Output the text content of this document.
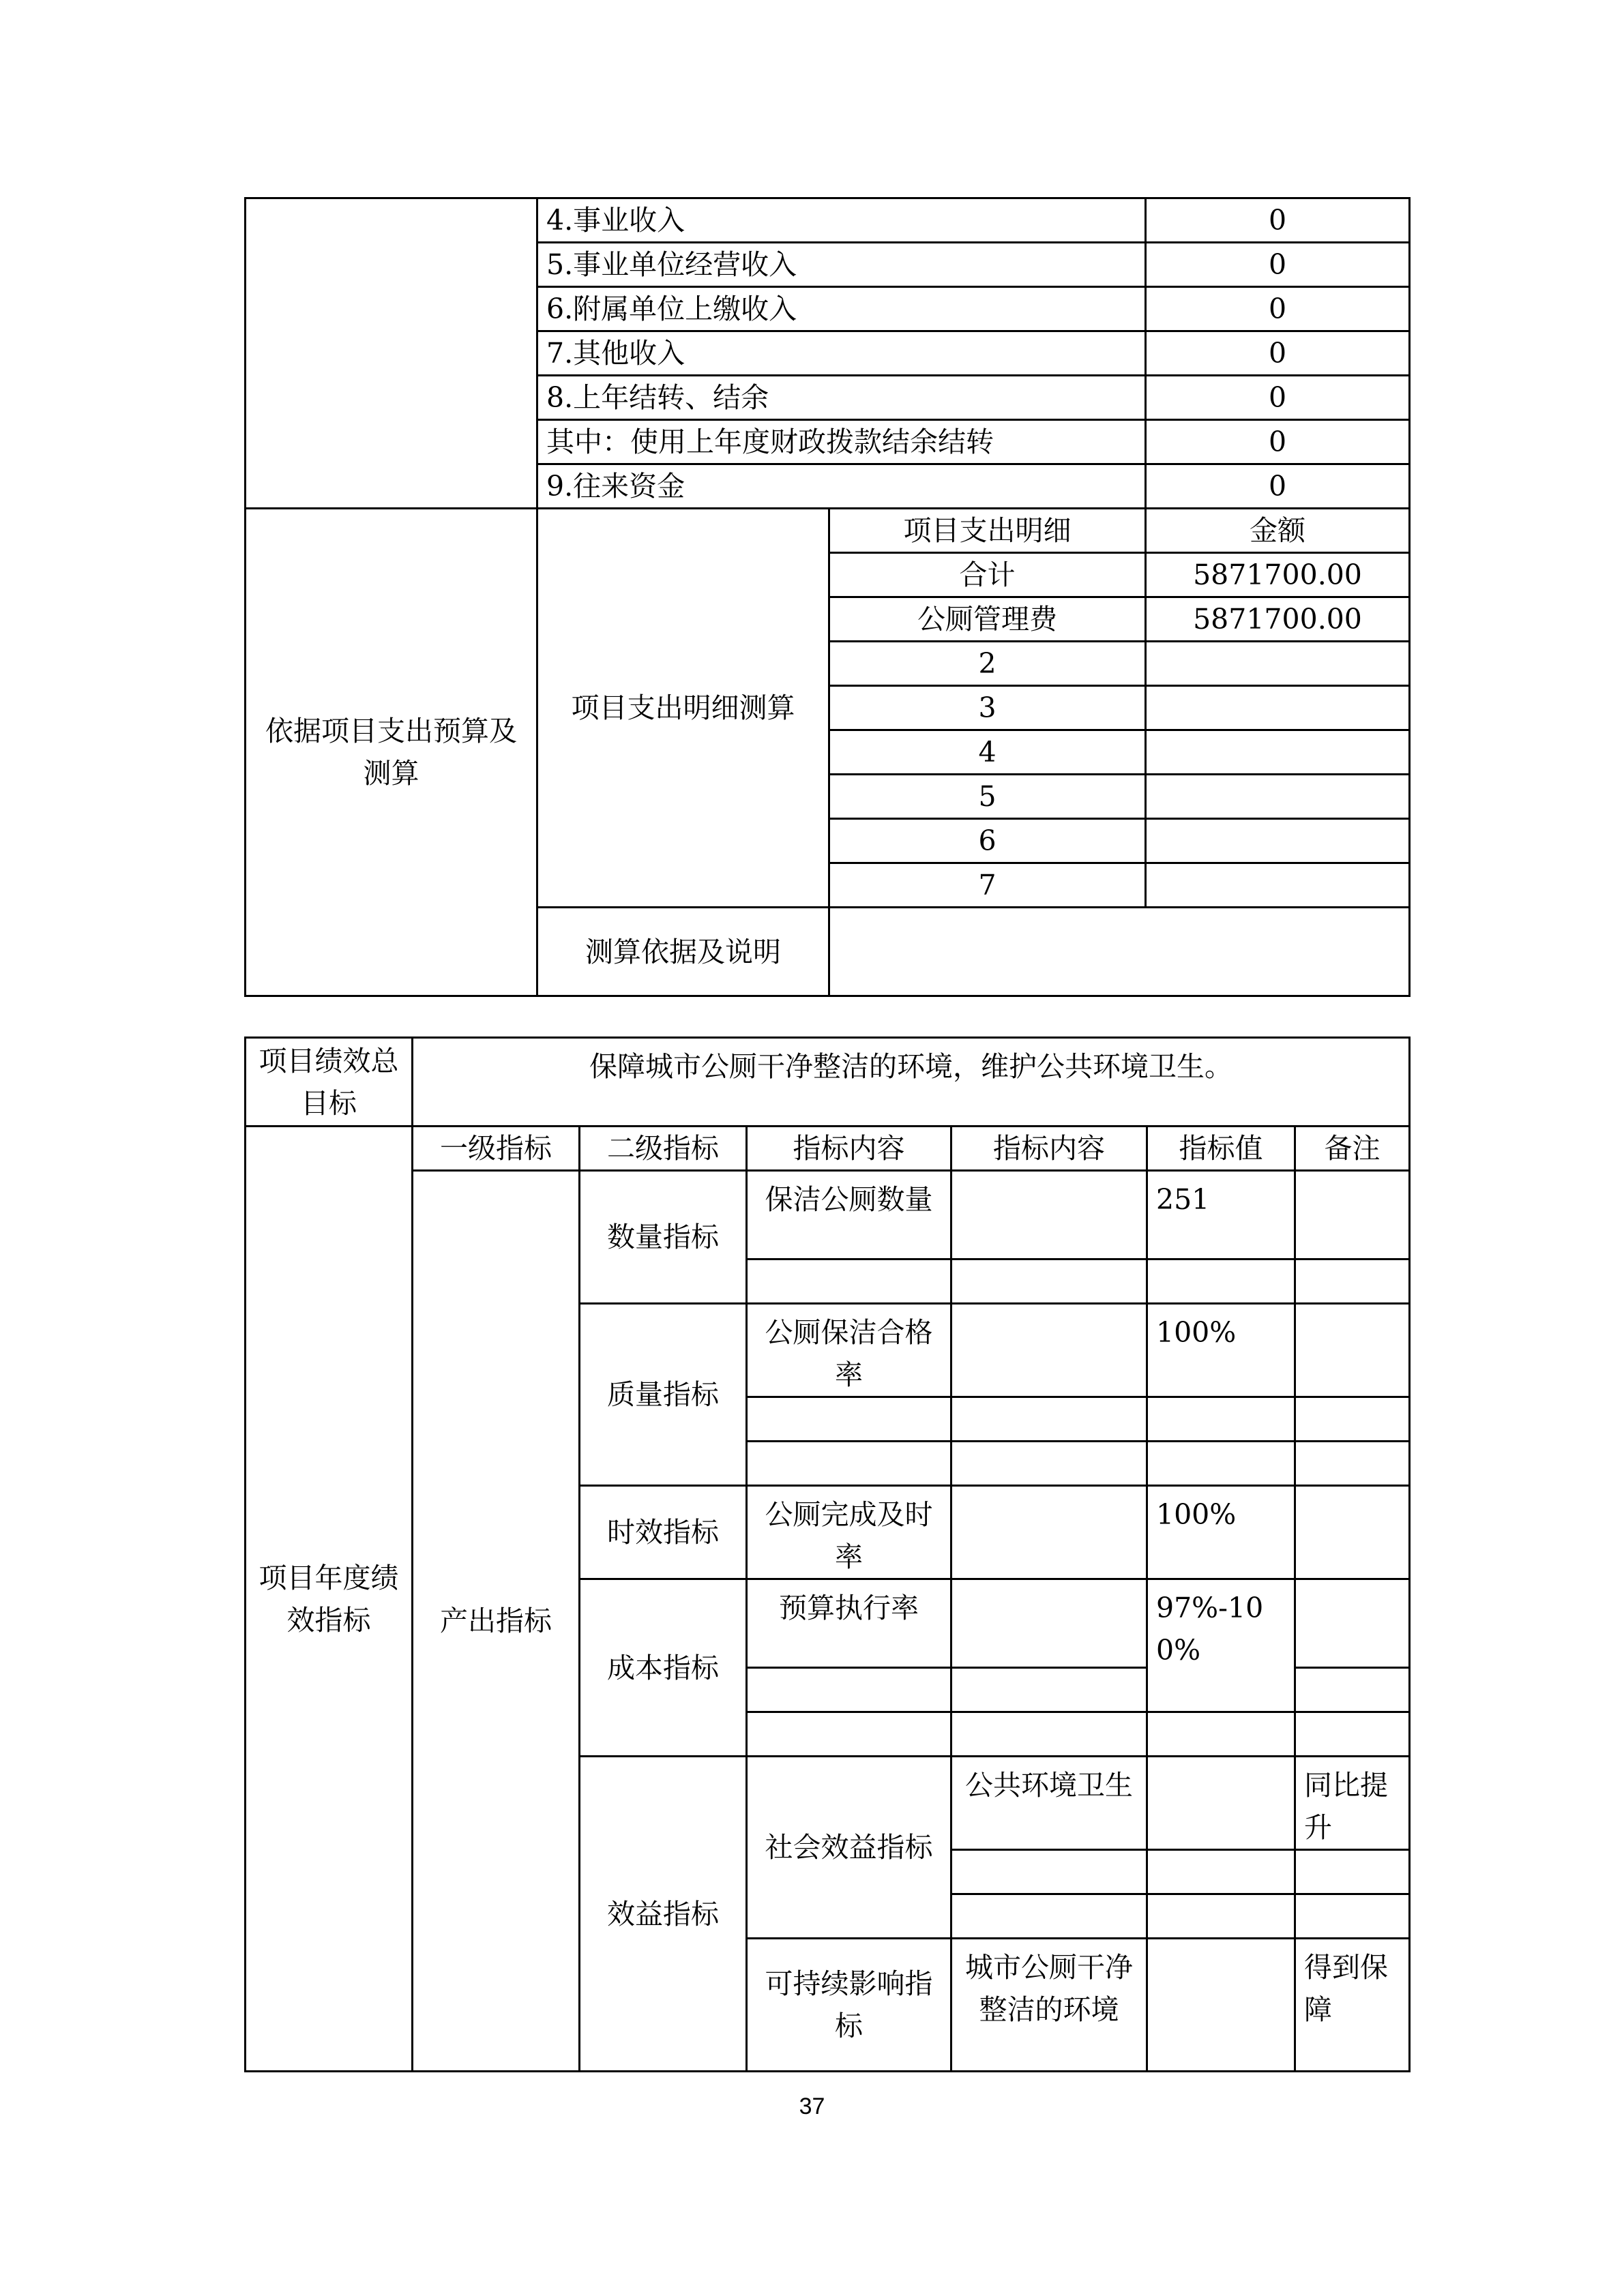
	4.事业收入		0
	5.事业单位经营收入		0
	6.附属单位上缴收入		0
	7.其他收入		0
	8.上年结转、结余		0
	其中：使用上年度财政拨款结余结转		0
	9.往来资金		0
依据项目支出预算及测算	项目支出明细测算	项目支出明细	金额
		合计	5871700.00
		公厕管理费	5871700.00
		2	
		3	
		4	
		5	
		6	
		7	
	测算依据及说明		
项目绩效总目标	保障城市公厕干净整洁的环境，维护公共环境卫生。						
项目年度绩效指标	一级指标	二级指标	指标内容	指标内容	指标值	备注	
	产出指标	数量指标	保洁公厕数量		251		

		质量指标	公厕保洁合格率		100%		

		时效指标	公厕完成及时率		100%		
		成本指标	预算执行率		97%-100%		

		效益指标	社会效益指标	公共环境卫生		同比提升	

			可持续影响指标	城市公厕干净整洁的环境		得到保障	
37
